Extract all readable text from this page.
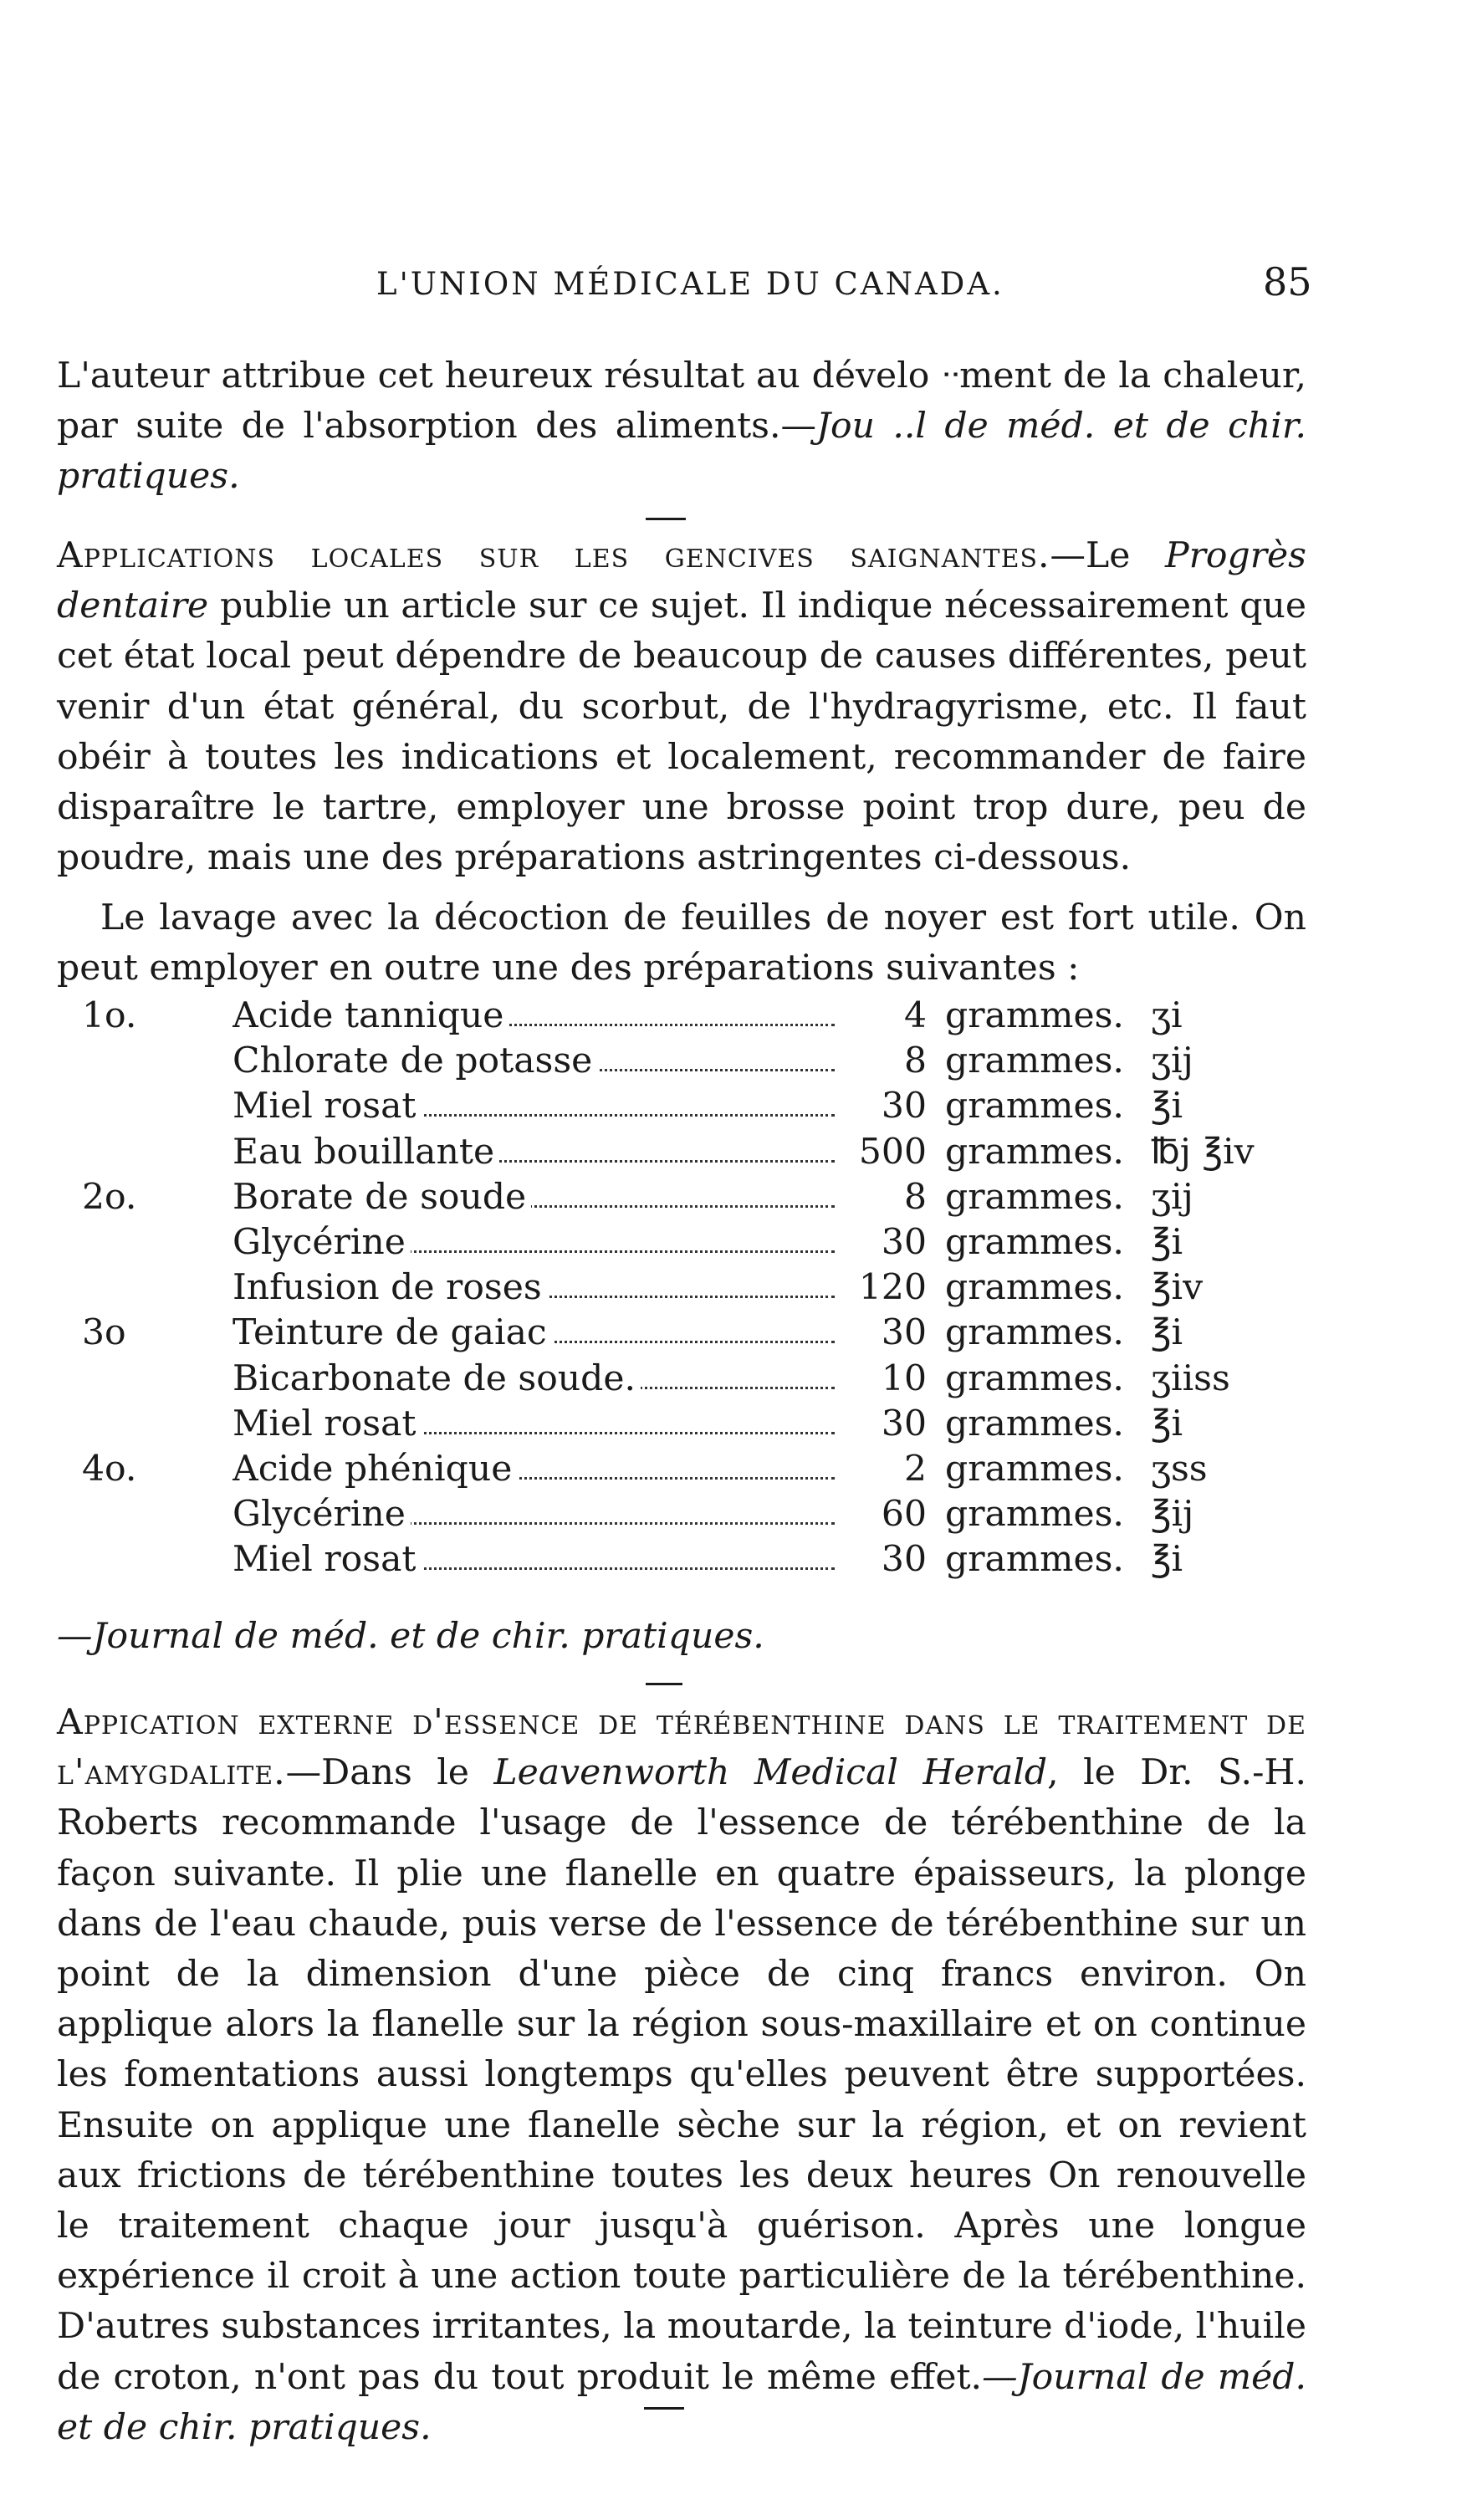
L'UNION MÉDICALE DU CANADA.	85
L'auteur attribue cet heureux résultat au dévelo ᐧᐧment de la chaleur, par suite de l'absorption des aliments.—Jou ..l de méd. et de chir. pratiques.
Applications locales sur les gencives saignantes.—Le Progrès dentaire publie un article sur ce sujet. Il indique nécessairement que cet état local peut dépendre de beaucoup de causes différentes, peut venir d'un état général, du scorbut, de l'hydragyrisme, etc. Il faut obéir à toutes les indications et localement, recommander de faire disparaître le tartre, employer une brosse point trop dure, peu de poudre, mais une des préparations astringentes ci-dessous.
Le lavage avec la décoction de feuilles de noyer est fort utile. On peut employer en outre une des préparations suivantes :
1o.	Acide tannique	4 grammes. ʒi
Chlorate de potasse	8 grammes. ʒij
Miel rosat	30 grammes. ℥i
Eau bouillante	500 grammes. ℔j ℥iv
2o.	Borate de soude	8 grammes. ʒij
Glycérine	30 grammes. ℥i
Infusion de roses	120 grammes. ℥iv
3o	Teinture de gaiac	30 grammes. ℥i
Bicarbonate de soude.	10 grammes. ʒiiss
Miel rosat	30 grammes. ℥i
4o.	Acide phénique	2 grammes. ʒss
Glycérine	60 grammes. ℥ij
Miel rosat	30 grammes. ℥i
—Journal de méd. et de chir. pratiques.
Appication externe d'essence de térébenthine dans le traitement de l'amygdalite.—Dans le Leavenworth Medical Herald, le Dr. S.-H. Roberts recommande l'usage de l'essence de térébenthine de la façon suivante. Il plie une flanelle en quatre épaisseurs, la plonge dans de l'eau chaude, puis verse de l'essence de térébenthine sur un point de la dimension d'une pièce de cinq francs environ. On applique alors la flanelle sur la région sous-maxillaire et on continue les fomentations aussi longtemps qu'elles peuvent être supportées. Ensuite on applique une flanelle sèche sur la région, et on revient aux frictions de térébenthine toutes les deux heures On renouvelle le traitement chaque jour jusqu'à guérison. Après une longue expérience il croit à une action toute particulière de la térébenthine. D'autres substances irritantes, la moutarde, la teinture d'iode, l'huile de croton, n'ont pas du tout produit le même effet.—Journal de méd. et de chir. pratiques.
